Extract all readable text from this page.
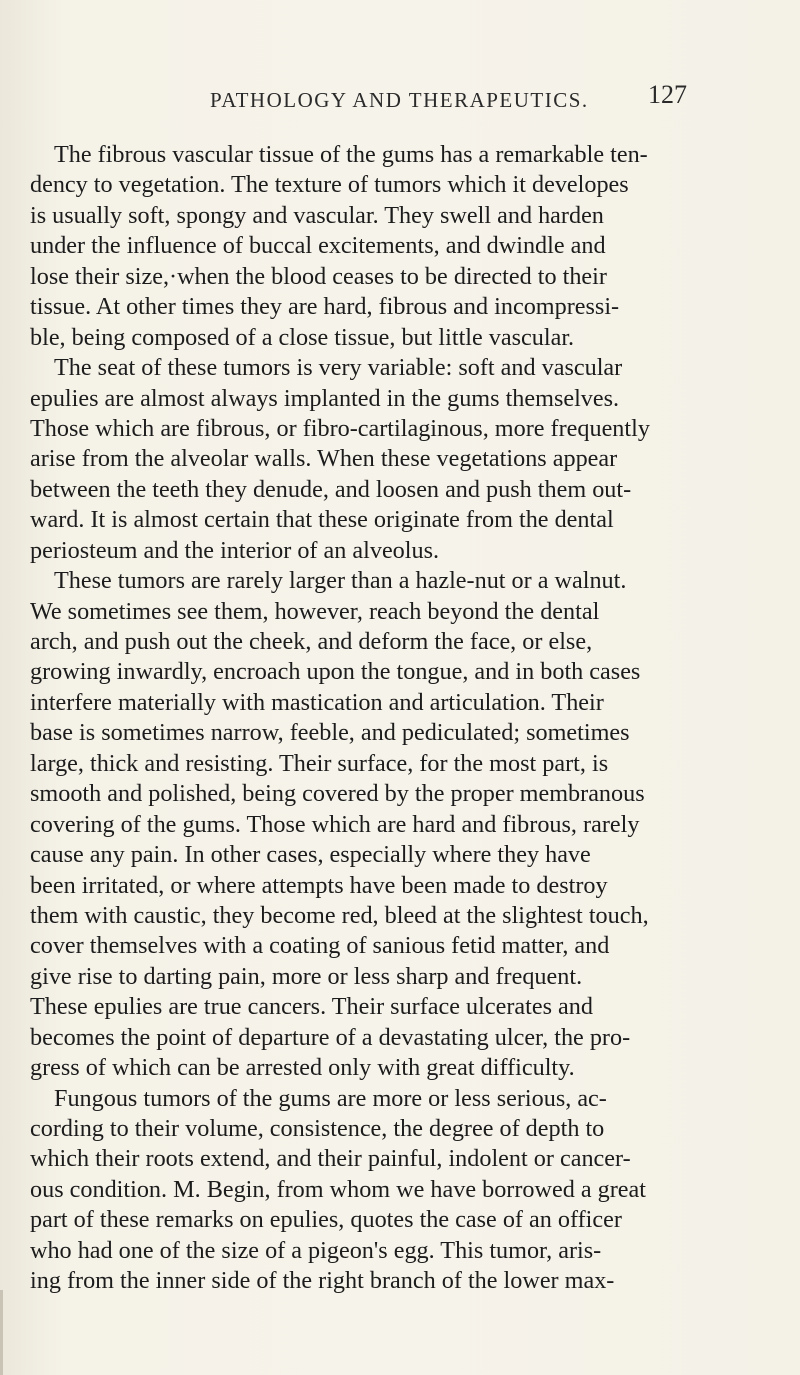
PATHOLOGY AND THERAPEUTICS. 127
The fibrous vascular tissue of the gums has a remarkable ten-
dency to vegetation. The texture of tumors which it developes
is usually soft, spongy and vascular. They swell and harden
under the influence of buccal excitements, and dwindle and
lose their size,·when the blood ceases to be directed to their
tissue. At other times they are hard, fibrous and incompressi-
ble, being composed of a close tissue, but little vascular.
The seat of these tumors is very variable: soft and vascular
epulies are almost always implanted in the gums themselves.
Those which are fibrous, or fibro-cartilaginous, more frequently
arise from the alveolar walls. When these vegetations appear
between the teeth they denude, and loosen and push them out-
ward. It is almost certain that these originate from the dental
periosteum and the interior of an alveolus.
These tumors are rarely larger than a hazle-nut or a walnut.
We sometimes see them, however, reach beyond the dental
arch, and push out the cheek, and deform the face, or else,
growing inwardly, encroach upon the tongue, and in both cases
interfere materially with mastication and articulation. Their
base is sometimes narrow, feeble, and pediculated; sometimes
large, thick and resisting. Their surface, for the most part, is
smooth and polished, being covered by the proper membranous
covering of the gums. Those which are hard and fibrous, rarely
cause any pain. In other cases, especially where they have
been irritated, or where attempts have been made to destroy
them with caustic, they become red, bleed at the slightest touch,
cover themselves with a coating of sanious fetid matter, and
give rise to darting pain, more or less sharp and frequent.
These epulies are true cancers. Their surface ulcerates and
becomes the point of departure of a devastating ulcer, the pro-
gress of which can be arrested only with great difficulty.
Fungous tumors of the gums are more or less serious, ac-
cording to their volume, consistence, the degree of depth to
which their roots extend, and their painful, indolent or cancer-
ous condition. M. Begin, from whom we have borrowed a great
part of these remarks on epulies, quotes the case of an officer
who had one of the size of a pigeon's egg. This tumor, aris-
ing from the inner side of the right branch of the lower max-
